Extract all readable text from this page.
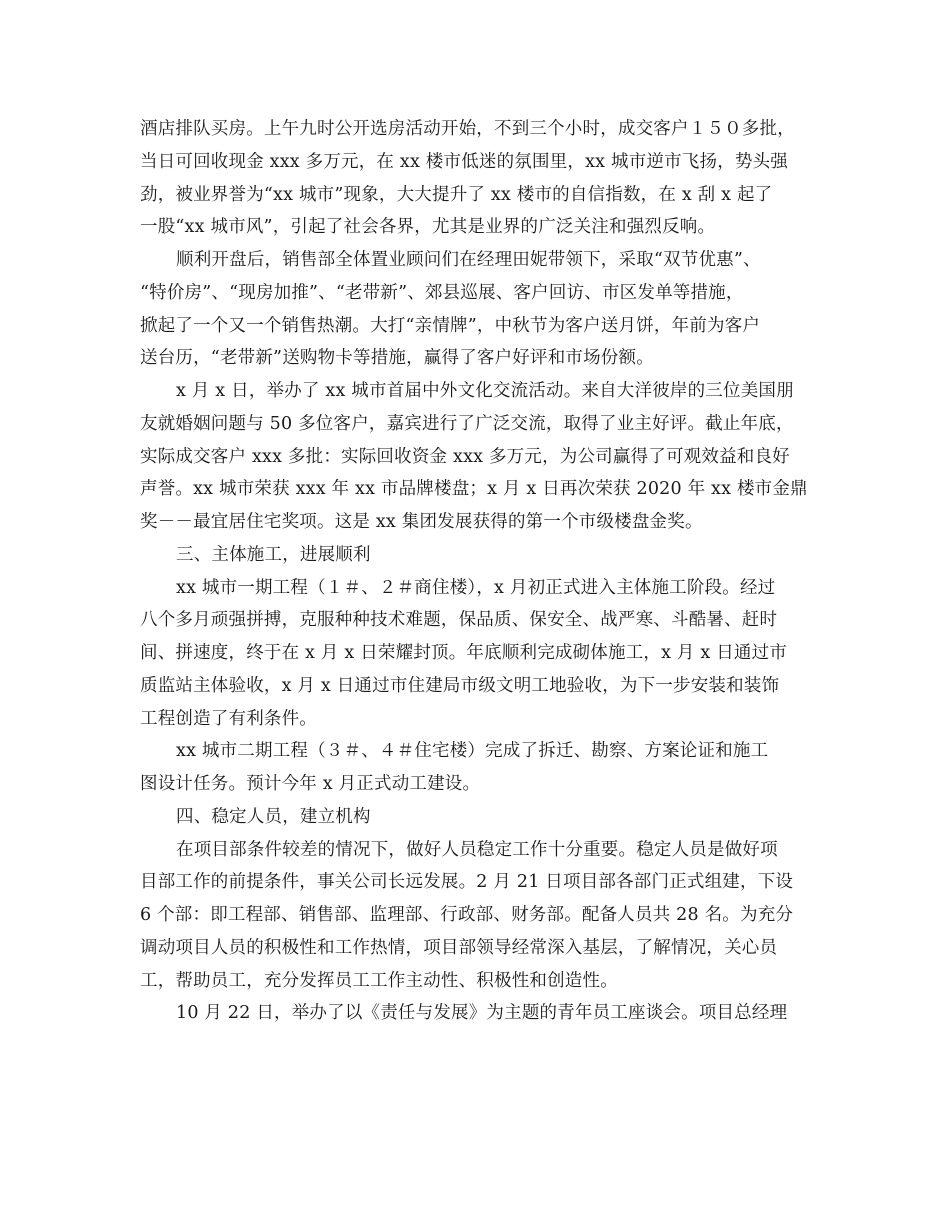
酒店排队买房。上午九时公开选房活动开始，不到三个小时，成交客户１５０多批，
当日可回收现金 xxx 多万元，在 xx 楼市低迷的氛围里，xx 城市逆市飞扬，势头强
劲，被业界誉为“xx 城市”现象，大大提升了 xx 楼市的自信指数，在 x 刮 x 起了
一股“xx 城市风”，引起了社会各界，尤其是业界的广泛关注和强烈反响。
顺利开盘后，销售部全体置业顾问们在经理田妮带领下，采取“双节优惠”、
“特价房”、“现房加推”、“老带新”、郊县巡展、客户回访、市区发单等措施，
掀起了一个又一个销售热潮。大打“亲情牌”，中秋节为客户送月饼，年前为客户
送台历，“老带新”送购物卡等措施，赢得了客户好评和市场份额。
x 月 x 日，举办了 xx 城市首届中外文化交流活动。来自大洋彼岸的三位美国朋
友就婚姻问题与 50 多位客户，嘉宾进行了广泛交流，取得了业主好评。截止年底，
实际成交客户 xxx 多批：实际回收资金 xxx 多万元，为公司赢得了可观效益和良好
声誉。xx 城市荣获 xxx 年 xx 市品牌楼盘；x 月 x 日再次荣获 2020 年 xx 楼市金鼎
奖－－最宜居住宅奖项。这是 xx 集团发展获得的第一个市级楼盘金奖。
三、主体施工，进展顺利
xx 城市一期工程（１＃、２＃商住楼），x 月初正式进入主体施工阶段。经过
八个多月顽强拼搏，克服种种技术难题，保品质、保安全、战严寒、斗酷暑、赶时
间、拼速度，终于在 x 月 x 日荣耀封顶。年底顺利完成砌体施工，x 月 x 日通过市
质监站主体验收，x 月 x 日通过市住建局市级文明工地验收，为下一步安装和装饰
工程创造了有利条件。
xx 城市二期工程（３＃、４＃住宅楼）完成了拆迁、勘察、方案论证和施工
图设计任务。预计今年 x 月正式动工建设。
四、稳定人员，建立机构
在项目部条件较差的情况下，做好人员稳定工作十分重要。稳定人员是做好项
目部工作的前提条件，事关公司长远发展。2 月 21 日项目部各部门正式组建，下设
6 个部：即工程部、销售部、监理部、行政部、财务部。配备人员共 28 名。为充分
调动项目人员的积极性和工作热情，项目部领导经常深入基层，了解情况，关心员
工，帮助员工，充分发挥员工工作主动性、积极性和创造性。
10 月 22 日，举办了以《责任与发展》为主题的青年员工座谈会。项目总经理
